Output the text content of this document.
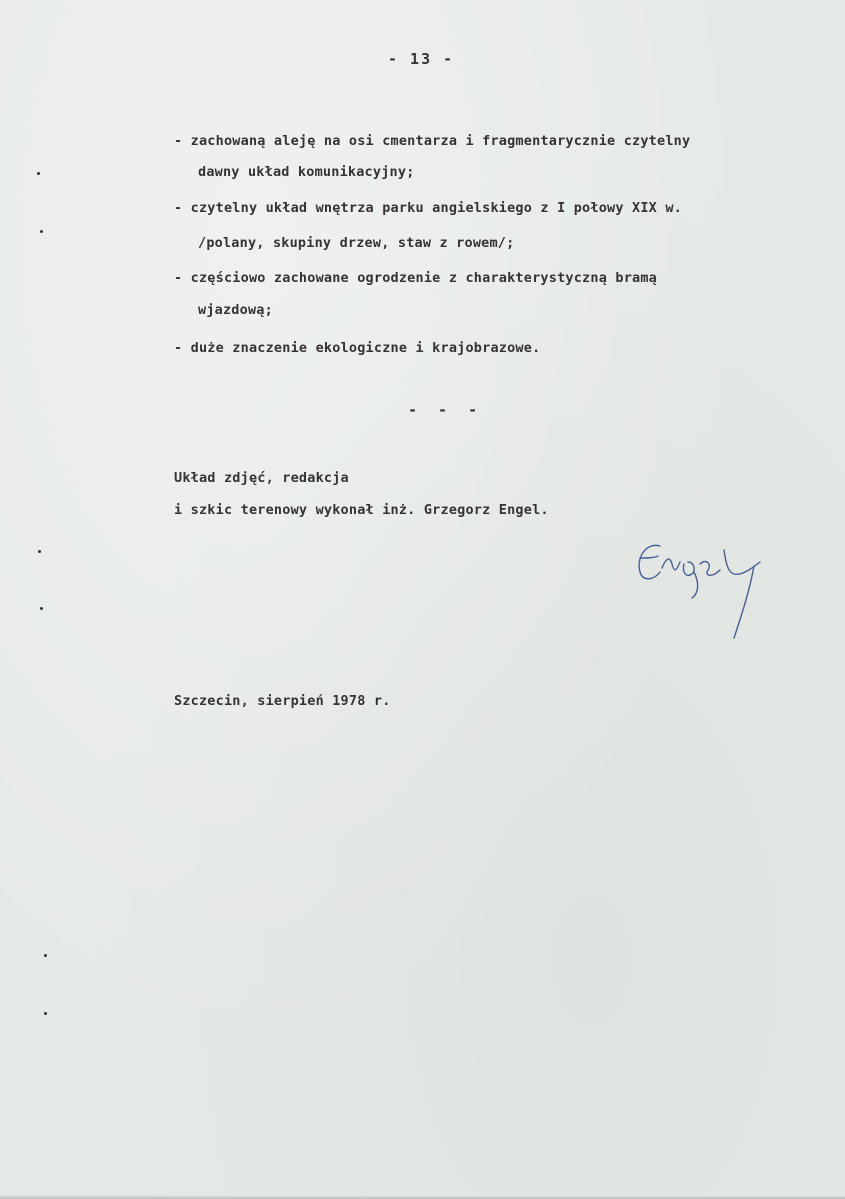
- 13 -
- zachowaną aleję na osi cmentarza i fragmentarycznie czytelny
dawny układ komunikacyjny;
- czytelny układ wnętrza parku angielskiego z I połowy XIX w.
/polany, skupiny drzew, staw z rowem/;
- częściowo zachowane ogrodzenie z charakterystyczną bramą
wjazdową;
- duże znaczenie ekologiczne i krajobrazowe.
- - -
Układ zdjęć, redakcja
i szkic terenowy wykonał inż. Grzegorz Engel.
Szczecin, sierpień 1978 r.
